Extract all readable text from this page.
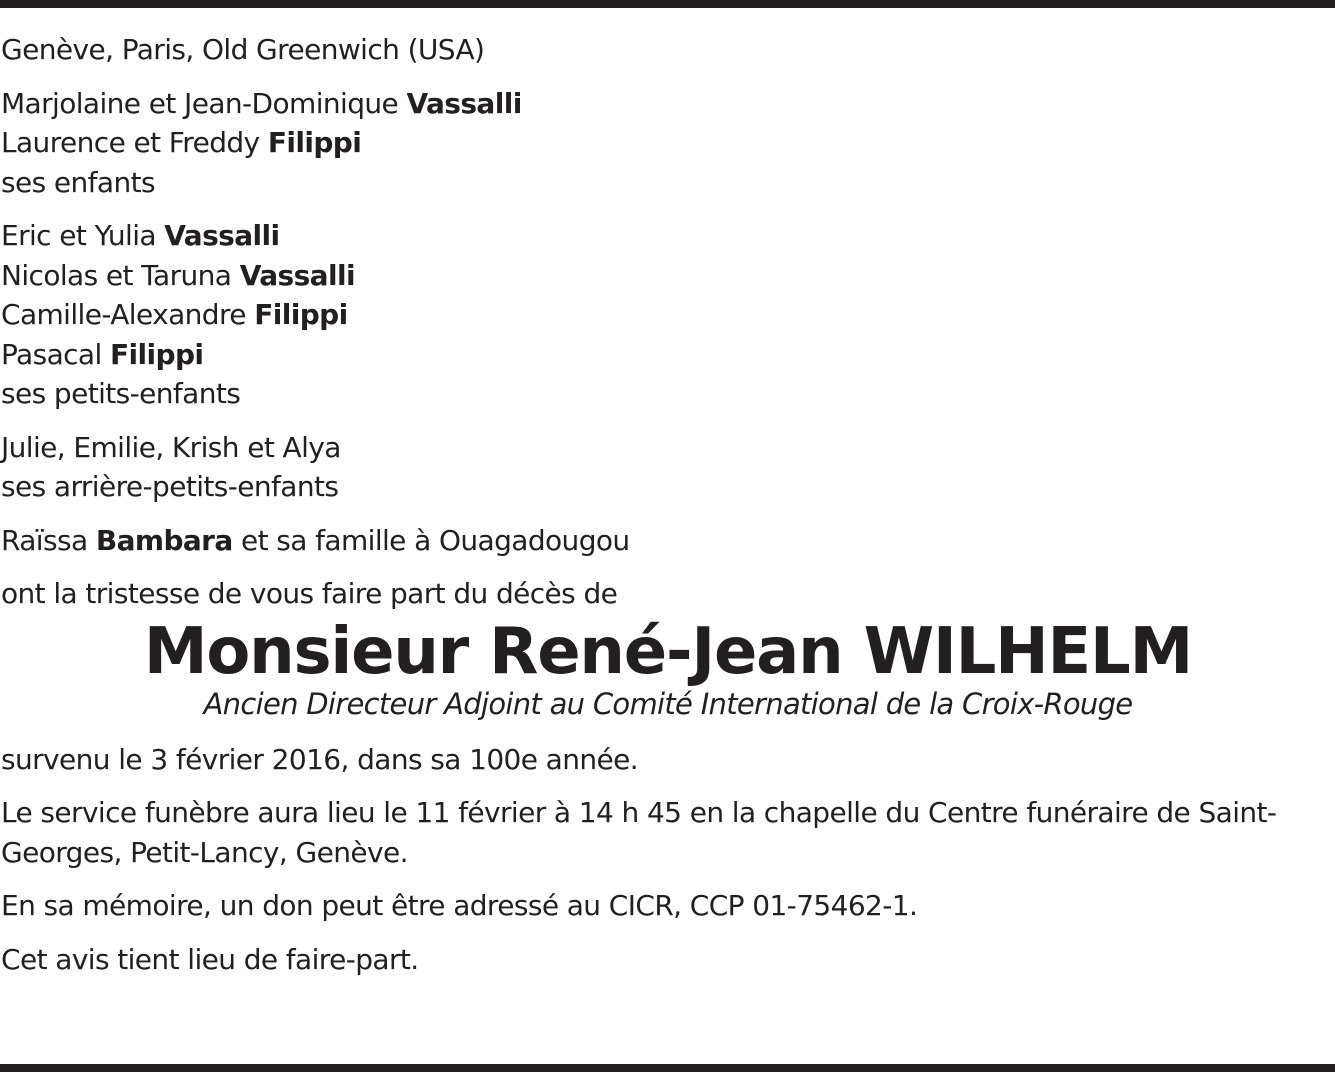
Genève, Paris, Old Greenwich (USA)
Marjolaine et Jean-Dominique Vassalli
Laurence et Freddy Filippi
ses enfants
Eric et Yulia Vassalli
Nicolas et Taruna Vassalli
Camille-Alexandre Filippi
Pasacal Filippi
ses petits-enfants
Julie, Emilie, Krish et Alya
ses arrière-petits-enfants
Raïssa Bambara et sa famille à Ouagadougou
ont la tristesse de vous faire part du décès de
Monsieur René-Jean WILHELM
Ancien Directeur Adjoint au Comité International de la Croix-Rouge
survenu le 3 février 2016, dans sa 100e année.
Le service funèbre aura lieu le 11 février à 14 h 45 en la chapelle du Centre funéraire de Saint-Georges, Petit-Lancy, Genève.
En sa mémoire, un don peut être adressé au CICR, CCP 01-75462-1.
Cet avis tient lieu de faire-part.
